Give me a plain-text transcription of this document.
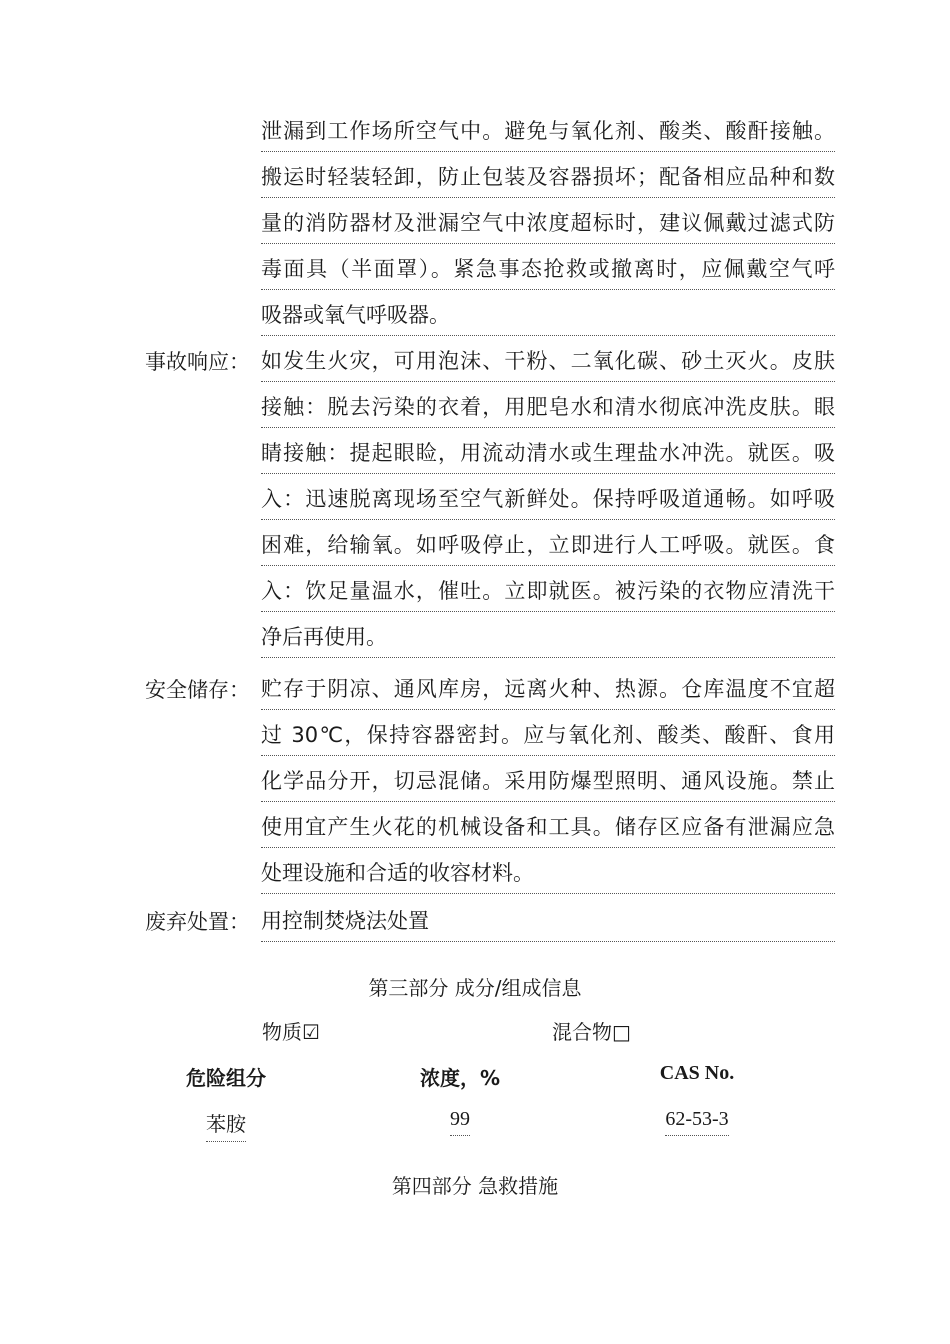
泄漏到工作场所空气中。避免与氧化剂、酸类、酸酐接触。
搬运时轻装轻卸，防止包装及容器损坏；配备相应品种和数
量的消防器材及泄漏空气中浓度超标时，建议佩戴过滤式防
毒面具（半面罩）。紧急事态抢救或撤离时，应佩戴空气呼
吸器或氧气呼吸器。
事故响应： 如发生火灾，可用泡沫、干粉、二氧化碳、砂土灭火。皮肤
接触：脱去污染的衣着，用肥皂水和清水彻底冲洗皮肤。眼
睛接触：提起眼睑，用流动清水或生理盐水冲洗。就医。吸
入：迅速脱离现场至空气新鲜处。保持呼吸道通畅。如呼吸
困难，给输氧。如呼吸停止，立即进行人工呼吸。就医。食
入：饮足量温水，催吐。立即就医。被污染的衣物应清洗干
净后再使用。
安全储存： 贮存于阴凉、通风库房，远离火种、热源。仓库温度不宜超
过 30℃，保持容器密封。应与氧化剂、酸类、酸酐、食用
化学品分开，切忌混储。采用防爆型照明、通风设施。禁止
使用宜产生火花的机械设备和工具。储存区应备有泄漏应急
处理设施和合适的收容材料。
废弃处置： 用控制焚烧法处置
第三部分 成分/组成信息
物质☑	混合物□
危险组分	浓度，%	CAS No.
苯胺	99	62-53-3
第四部分 急救措施
